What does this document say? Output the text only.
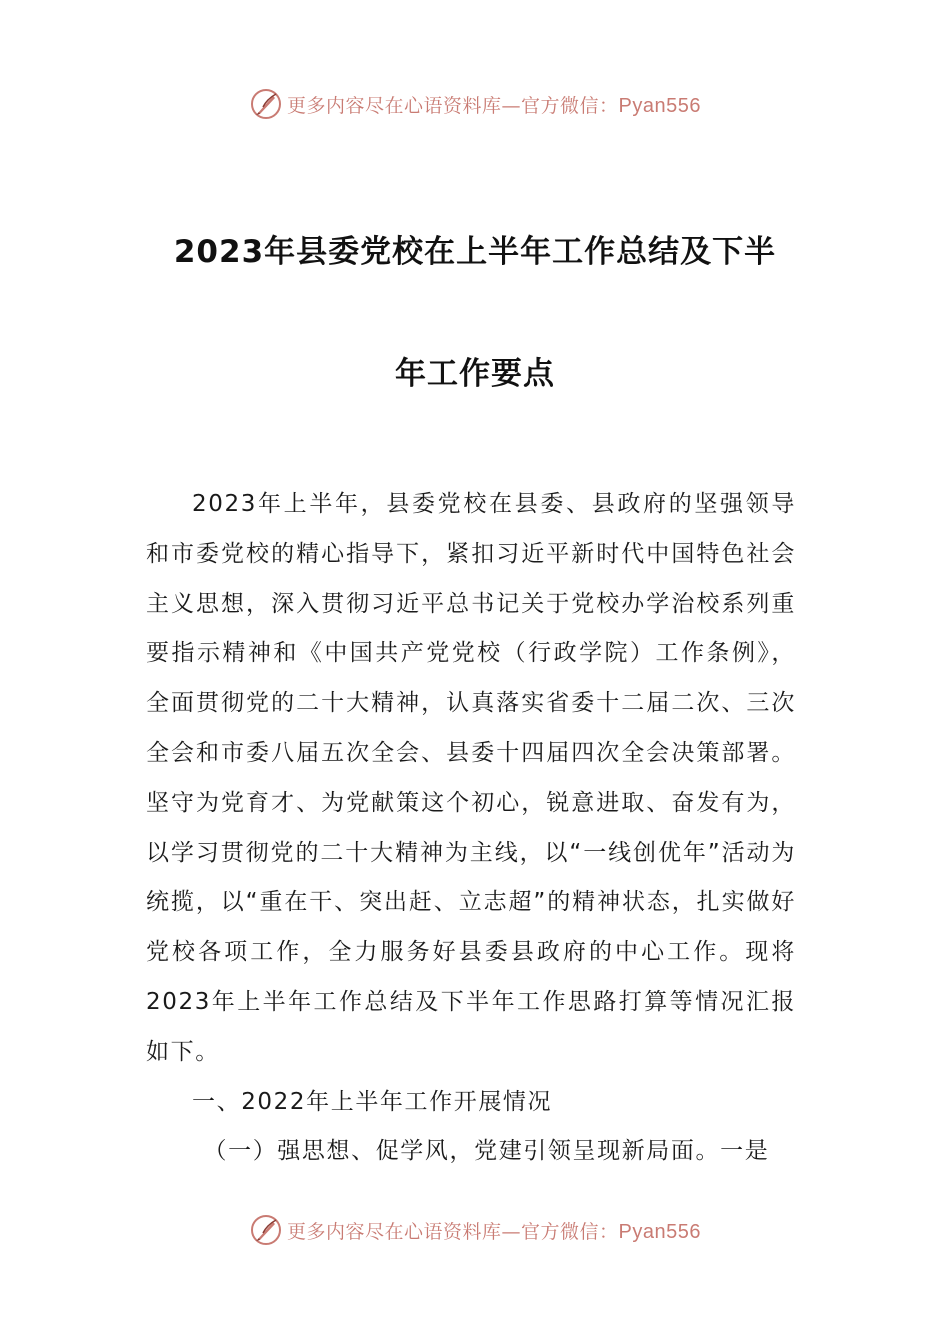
更多内容尽在心语资料库—官方微信：Pyan556
2023年县委党校在上半年工作总结及下半
年工作要点

2023年上半年，县委党校在县委、县政府的坚强领导和市委党校的精心指导下，紧扣习近平新时代中国特色社会主义思想，深入贯彻习近平总书记关于党校办学治校系列重要指示精神和《中国共产党党校（行政学院）工作条例》，全面贯彻党的二十大精神，认真落实省委十二届二次、三次全会和市委八届五次全会、县委十四届四次全会决策部署。坚守为党育才、为党献策这个初心，锐意进取、奋发有为，以学习贯彻党的二十大精神为主线，以“一线创优年”活动为统揽，以“重在干、突出赶、立志超”的精神状态，扎实做好党校各项工作，全力服务好县委县政府的中心工作。现将2023年上半年工作总结及下半年工作思路打算等情况汇报如下。

一、2022年上半年工作开展情况

（一）强思想、促学风，党建引领呈现新局面。一是

更多内容尽在心语资料库—官方微信：Pyan556
